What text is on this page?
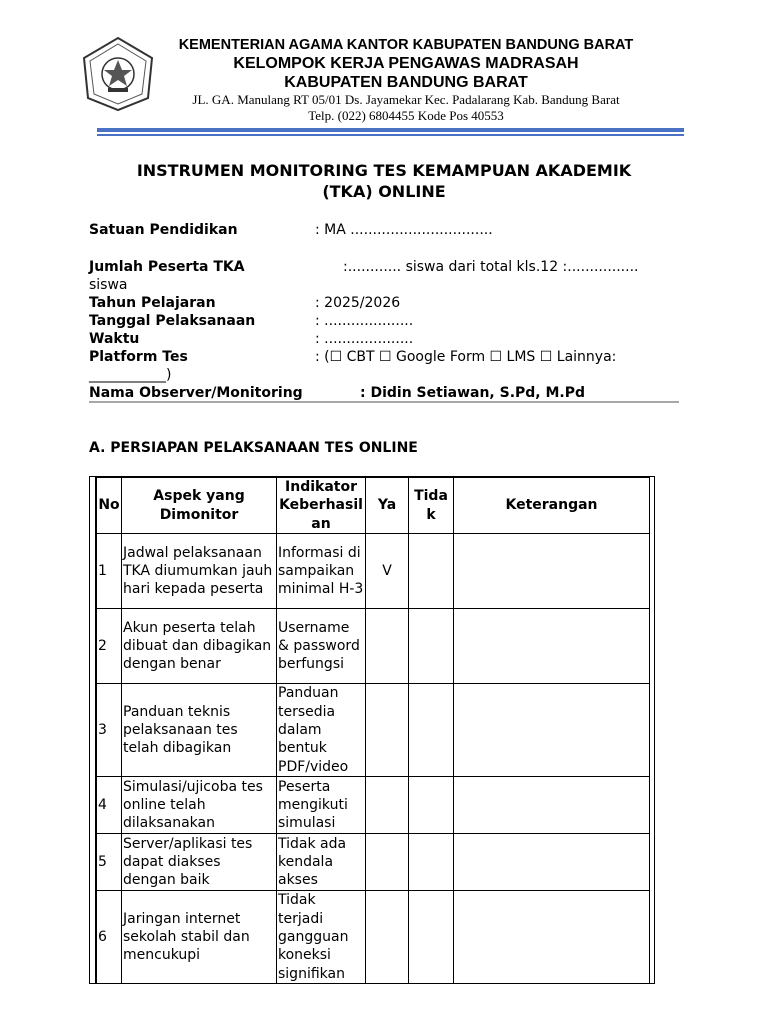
KEMENTERIAN AGAMA KANTOR KABUPATEN BANDUNG BARAT
KELOMPOK KERJA PENGAWAS MADRASAH
KABUPATEN BANDUNG BARAT
JL. GA. Manulang RT 05/01 Ds. Jayamekar Kec. Padalarang Kab. Bandung Barat
Telp. (022) 6804455 Kode Pos 40553
INSTRUMEN MONITORING TES KEMAMPUAN AKADEMIK
(TKA) ONLINE
Satuan Pendidikan	: MA ................................
Jumlah Peserta TKA	:............ siswa dari total kls.12 :................
siswa
Tahun Pelajaran	: 2025/2026
Tanggal Pelaksanaan	: ....................
Waktu	: ....................
Platform Tes	: (☐ CBT ☐ Google Form ☐ LMS ☐ Lainnya:
___________)
Nama Observer/Monitoring	: Didin Setiawan, S.Pd, M.Pd
A. PERSIAPAN PELAKSANAAN TES ONLINE
No	Aspek yang Dimonitor	Indikator Keberhasilan	Ya	Tidak	Keterangan
1	Jadwal pelaksanaan TKA diumumkan jauh hari kepada peserta	Informasi disampaikan minimal H-3	V		
2	Akun peserta telah dibuat dan dibagikan dengan benar	Username & password berfungsi			
3	Panduan teknis pelaksanaan tes telah dibagikan	Panduan tersedia dalam bentuk PDF/video			
4	Simulasi/ujicoba tes online telah dilaksanakan	Peserta mengikuti simulasi			
5	Server/aplikasi tes dapat diakses dengan baik	Tidak ada kendala akses			
6	Jaringan internet sekolah stabil dan mencukupi	Tidak terjadi gangguan koneksi signifikan			
